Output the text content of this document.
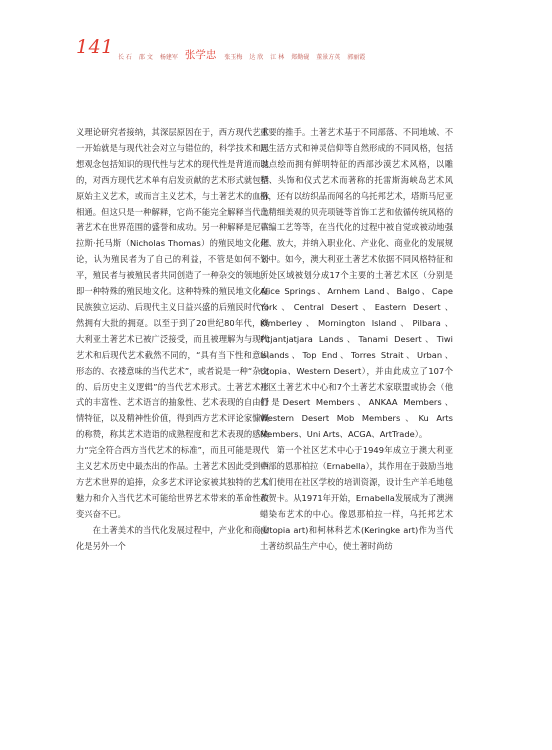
141 长 石 邵 文 杨建军 张学忠 张玉梅 达 欣 江 林 郑勤砚 董景方英 郭丽霞

义理论研究者接纳，其深层原因在于，西方现代艺术一开始就是与现代社会对立与错位的，科学技术和思想观念包括知识的现代性与艺术的现代性是背道而驰的，对西方现代艺术单有启发贡献的艺术形式就包括原始主义艺术，或而言主义艺术，与土著艺术的血脉相通。但这只是一种解释，它尚不能完全解释当代土著艺术在世界范围的盛誉和成功。另一种解释是尼古拉斯·托马斯（Nicholas Thomas）的殖民地文化理论，认为殖民者为了自己的利益，不管是如何不公平，殖民者与被殖民者共同创造了一种杂交的领地，即一种特殊的殖民地文化。这种特殊的殖民地文化在民族独立运动、后现代主义日益兴盛的后殖民时代自然拥有大批的拥趸。以至于到了20世纪80年代，澳大利亚土著艺术已被广泛接受，而且被理解为与现代艺术和后现代艺术截然不同的，“具有当下性和意识形态的、衣褛意味的当代艺术”，或者说是一种“杂交的、后历史主义逻辑”的当代艺术形式。土著艺术形式的丰富性、艺术语言的抽象性、艺术表现的自由抒情特征，以及精神性价值，得到西方艺术评论家慷慨的称赞，称其艺术造诣的成熟程度和艺术表现的感染力“完全符合西方当代艺术的标准”，而且可能是现代主义艺术历史中最杰出的作品。土著艺术因此受到西方艺术世界的追捧，众多艺术评论家被其独特的艺术魅力和介入当代艺术可能给世界艺术带来的革命性改变兴奋不已。

在土著美术的当代化发展过程中，产业化和商业化是另外一个

重要的推手。土著艺术基于不同部落、不同地域、不同生活方式和神灵信仰等自然形成的不同风格，包括以点绘而拥有鲜明特征的西部沙漠艺术风格，以雕塑、头饰和仪式艺术而著称的托雷斯海峡岛艺术风格，还有以纺织品而闻名的乌托邦艺术，塔斯马尼亚岛精细美观的贝壳项链等首饰工艺和依循传统风格的草编工艺等等，在当代化的过程中被自觉或被动地强化、放大，并纳入职业化、产业化、商业化的发展规划中。如今，澳大利亚土著艺术依据不同风格特征和所处区域被划分成17个主要的土著艺术区（分别是Alice Springs、Arnhem Land、Balgo、Cape York、Central Desert、Eastern Desert、Kimberley、Mornington Island、Pilbara、Pitjantjatjara Lands、Tanami Desert、Tiwi Islands、Top End、Torres Strait、Urban、Utopia、Western Desert），并由此成立了107个社区土著艺术中心和7个土著艺术家联盟或协会（他们是Desert Members、ANKAA Members、Western Desert Mob Members、Ku Arts Members、Uni Arts、ACGA、ArtTrade）。

第一个社区艺术中心于1949年成立于澳大利亚中部的恩那柏拉（Ernabella），其作用在于鼓励当地人们使用在社区学校的培训资源，设计生产羊毛地毯和贺卡。从1971年开始，Ernabella发展成为了澳洲蜡染布艺术的中心。像恩那柏拉一样，乌托邦艺术(Utopia art)和柯林科艺术(Keringke art)作为当代土著纺织品生产中心，使土著时尚纺
